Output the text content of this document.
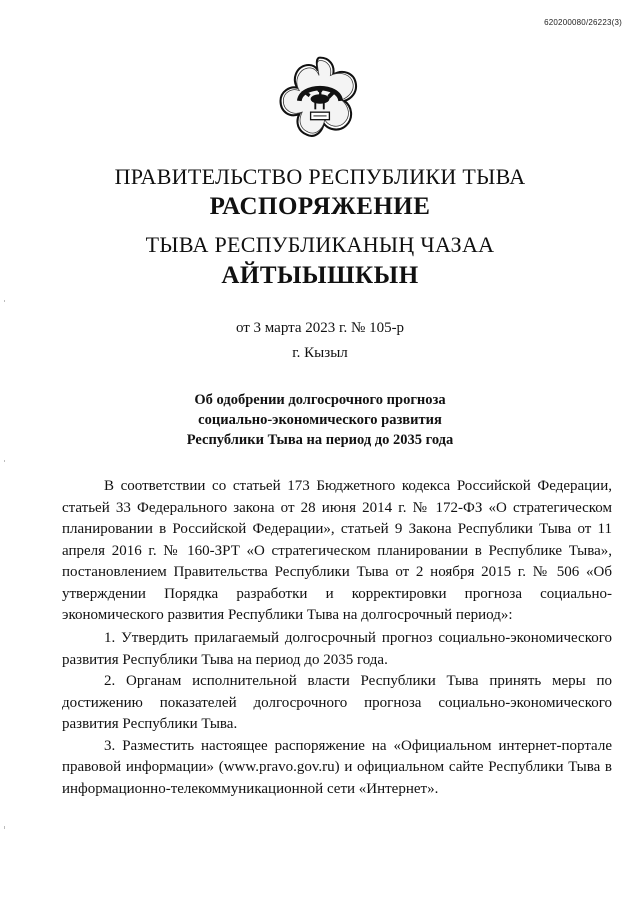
620200080/26223(3)
ПРАВИТЕЛЬСТВО РЕСПУБЛИКИ ТЫВА
РАСПОРЯЖЕНИЕ
ТЫВА РЕСПУБЛИКАНЫҢ ЧАЗАА
АЙТЫЫШКЫН
от 3 марта 2023 г. № 105-р
г. Кызыл
Об одобрении долгосрочного прогноза
социально-экономического развития
Республики Тыва на период до 2035 года

В соответствии со статьей 173 Бюджетного кодекса Российской Федерации, статьей 33 Федерального закона от 28 июня 2014 г. № 172-ФЗ «О стратегическом планировании в Российской Федерации», статьей 9 Закона Республики Тыва от 11 апреля 2016 г. № 160-ЗРТ «О стратегическом планировании в Республике Тыва», постановлением Правительства Республики Тыва от 2 ноября 2015 г. № 506 «Об утверждении Порядка разработки и корректировки прогноза социально-экономического развития Республики Тыва на долгосрочный период»:

1. Утвердить прилагаемый долгосрочный прогноз социально-экономического развития Республики Тыва на период до 2035 года.

2. Органам исполнительной власти Республики Тыва принять меры по достижению показателей долгосрочного прогноза социально-экономического развития Республики Тыва.

3. Разместить настоящее распоряжение на «Официальном интернет-портале правовой информации» (www.pravo.gov.ru) и официальном сайте Республики Тыва в информационно-телекоммуникационной сети «Интернет».
